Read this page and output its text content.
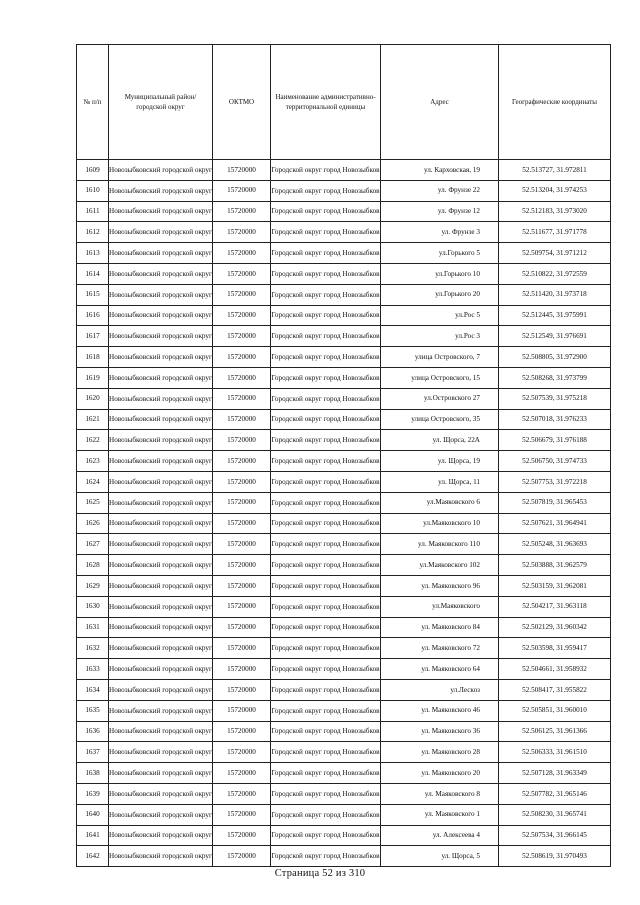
№ п/п	Муниципальный район/городской округ	ОКТМО	Наименование административно-территориальной единицы	Адрес	Географические координаты
1609	Новозыбковский городской округ	15720000	Городской округ город Новозыбков	ул. Карховская, 19	52.513727, 31.972811
1610	Новозыбковский городской округ	15720000	Городской округ город Новозыбков	ул. Фрунзе 22	52.513204, 31.974253
1611	Новозыбковский городской округ	15720000	Городской округ город Новозыбков	ул. Фрунзе 12	52.512183, 31.973020
1612	Новозыбковский городской округ	15720000	Городской округ город Новозыбков	ул. Фрунзе 3	52.511677, 31.971778
1613	Новозыбковский городской округ	15720000	Городской округ город Новозыбков	ул.Горького 5	52.509754, 31.971212
1614	Новозыбковский городской округ	15720000	Городской округ город Новозыбков	ул.Горького 10	52.510822, 31.972559
1615	Новозыбковский городской округ	15720000	Городской округ город Новозыбков	ул.Горького 20	52.511420, 31.973718
1616	Новозыбковский городской округ	15720000	Городской округ город Новозыбков	ул.Рос 5	52.512445, 31.975991
1617	Новозыбковский городской округ	15720000	Городской округ город Новозыбков	ул.Рос 3	52.512549, 31.976691
1618	Новозыбковский городской округ	15720000	Городской округ город Новозыбков	улица Островского, 7	52.508805, 31.972900
1619	Новозыбковский городской округ	15720000	Городской округ город Новозыбков	улица Островского, 15	52.508268, 31.973799
1620	Новозыбковский городской округ	15720000	Городской округ город Новозыбков	ул.Островского 27	52.507539, 31.975218
1621	Новозыбковский городской округ	15720000	Городской округ город Новозыбков	улица Островского, 35	52.507018, 31.976233
1622	Новозыбковский городской округ	15720000	Городской округ город Новозыбков	ул. Щорса, 22А	52.506679, 31.976188
1623	Новозыбковский городской округ	15720000	Городской округ город Новозыбков	ул. Щорса, 19	52.506750, 31.974733
1624	Новозыбковский городской округ	15720000	Городской округ город Новозыбков	ул. Щорса, 11	52.507753, 31.972218
1625	Новозыбковский городской округ	15720000	Городской округ город Новозыбков	ул.Маяковского 6	52.507819, 31.965453
1626	Новозыбковский городской округ	15720000	Городской округ город Новозыбков	ул.Маяковского 10	52.507621, 31.964941
1627	Новозыбковский городской округ	15720000	Городской округ город Новозыбков	ул. Маяковского 110	52.505248, 31.963693
1628	Новозыбковский городской округ	15720000	Городской округ город Новозыбков	ул.Маяковского 102	52.503888, 31.962579
1629	Новозыбковский городской округ	15720000	Городской округ город Новозыбков	ул. Маяковского 96	52.503159, 31.962081
1630	Новозыбковский городской округ	15720000	Городской округ город Новозыбков	ул.Маяковского	52.504217, 31.963118
1631	Новозыбковский городской округ	15720000	Городской округ город Новозыбков	ул. Маяковского 84	52.502129, 31.960342
1632	Новозыбковский городской округ	15720000	Городской округ город Новозыбков	ул. Маяковского 72	52.503598, 31.959417
1633	Новозыбковский городской округ	15720000	Городской округ город Новозыбков	ул. Маяковского 64	52.504661, 31.958932
1634	Новозыбковский городской округ	15720000	Городской округ город Новозыбков	ул.Лескоз	52.508417, 31.955822
1635	Новозыбковский городской округ	15720000	Городской округ город Новозыбков	ул. Маяковского 46	52.505851, 31.960010
1636	Новозыбковский городской округ	15720000	Городской округ город Новозыбков	ул. Маяковского 36	52.506125, 31.961366
1637	Новозыбковский городской округ	15720000	Городской округ город Новозыбков	ул. Маяковского 28	52.506333, 31.961510
1638	Новозыбковский городской округ	15720000	Городской округ город Новозыбков	ул. Маяковского 20	52.507128, 31.963349
1639	Новозыбковский городской округ	15720000	Городской округ город Новозыбков	ул. Маяковского 8	52.507782, 31.965146
1640	Новозыбковский городской округ	15720000	Городской округ город Новозыбков	ул. Маяковского 1	52.508230, 31.965741
1641	Новозыбковский городской округ	15720000	Городской округ город Новозыбков	ул. Алексеева 4	52.507534, 31.966145
1642	Новозыбковский городской округ	15720000	Городской округ город Новозыбков	ул. Щорса, 5	52.508619, 31.970493
Страница 52 из 310
